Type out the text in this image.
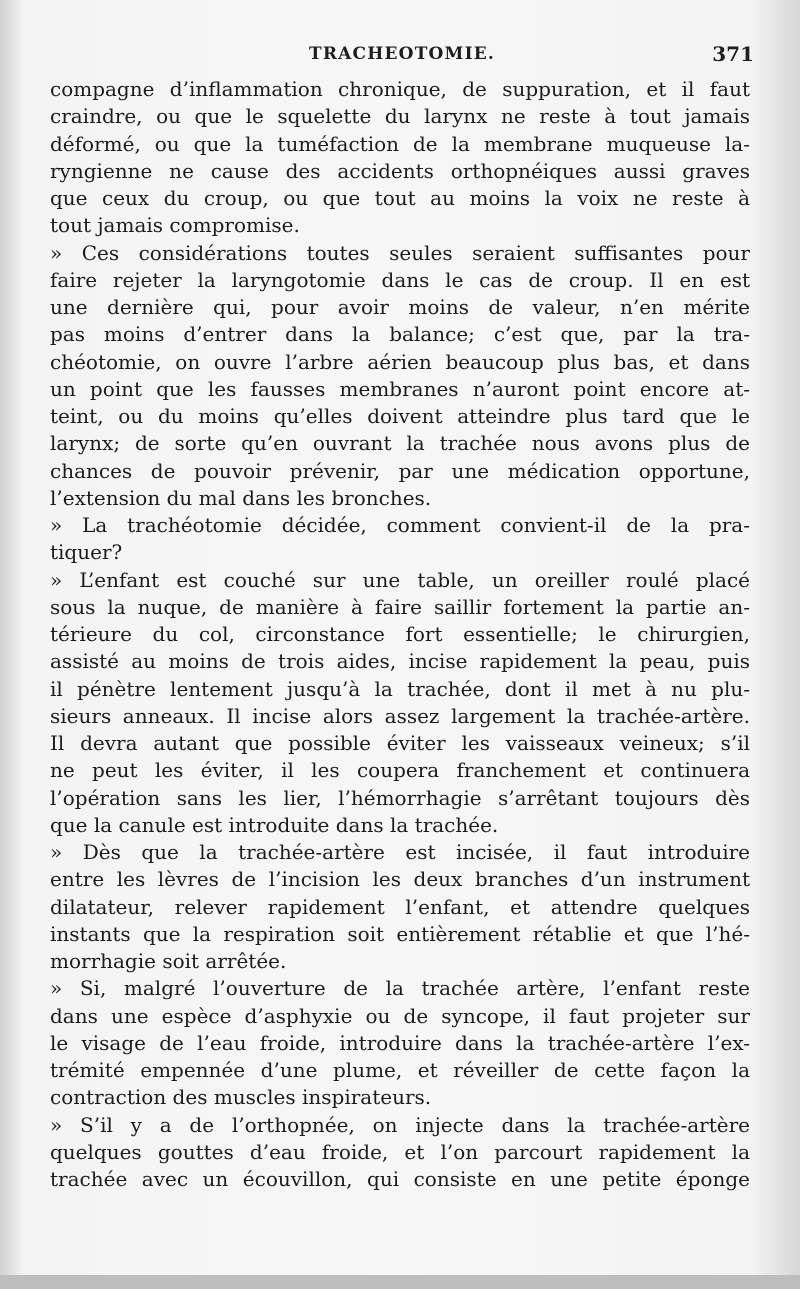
TRACHEOTOMIE.	371
compagne d’inflammation chronique, de suppuration, et il faut
craindre, ou que le squelette du larynx ne reste à tout jamais
déformé, ou que la tuméfaction de la membrane muqueuse la-
ryngienne ne cause des accidents orthopnéiques aussi graves
que ceux du croup, ou que tout au moins la voix ne reste à
tout jamais compromise.
» Ces considérations toutes seules seraient suffisantes pour
faire rejeter la laryngotomie dans le cas de croup. Il en est
une dernière qui, pour avoir moins de valeur, n’en mérite
pas moins d’entrer dans la balance; c’est que, par la tra-
chéotomie, on ouvre l’arbre aérien beaucoup plus bas, et dans
un point que les fausses membranes n’auront point encore at-
teint, ou du moins qu’elles doivent atteindre plus tard que le
larynx; de sorte qu’en ouvrant la trachée nous avons plus de
chances de pouvoir prévenir, par une médication opportune,
l’extension du mal dans les bronches.
» La trachéotomie décidée, comment convient-il de la pra-
tiquer?
» L’enfant est couché sur une table, un oreiller roulé placé
sous la nuque, de manière à faire saillir fortement la partie an-
térieure du col, circonstance fort essentielle; le chirurgien,
assisté au moins de trois aides, incise rapidement la peau, puis
il pénètre lentement jusqu’à la trachée, dont il met à nu plu-
sieurs anneaux. Il incise alors assez largement la trachée-artère.
Il devra autant que possible éviter les vaisseaux veineux; s’il
ne peut les éviter, il les coupera franchement et continuera
l’opération sans les lier, l’hémorrhagie s’arrêtant toujours dès
que la canule est introduite dans la trachée.
» Dès que la trachée-artère est incisée, il faut introduire
entre les lèvres de l’incision les deux branches d’un instrument
dilatateur, relever rapidement l’enfant, et attendre quelques
instants que la respiration soit entièrement rétablie et que l’hé-
morrhagie soit arrêtée.
» Si, malgré l’ouverture de la trachée artère, l’enfant reste
dans une espèce d’asphyxie ou de syncope, il faut projeter sur
le visage de l’eau froide, introduire dans la trachée-artère l’ex-
trémité empennée d’une plume, et réveiller de cette façon la
contraction des muscles inspirateurs.
» S’il y a de l’orthopnée, on injecte dans la trachée-artère
quelques gouttes d’eau froide, et l’on parcourt rapidement la
trachée avec un écouvillon, qui consiste en une petite éponge
